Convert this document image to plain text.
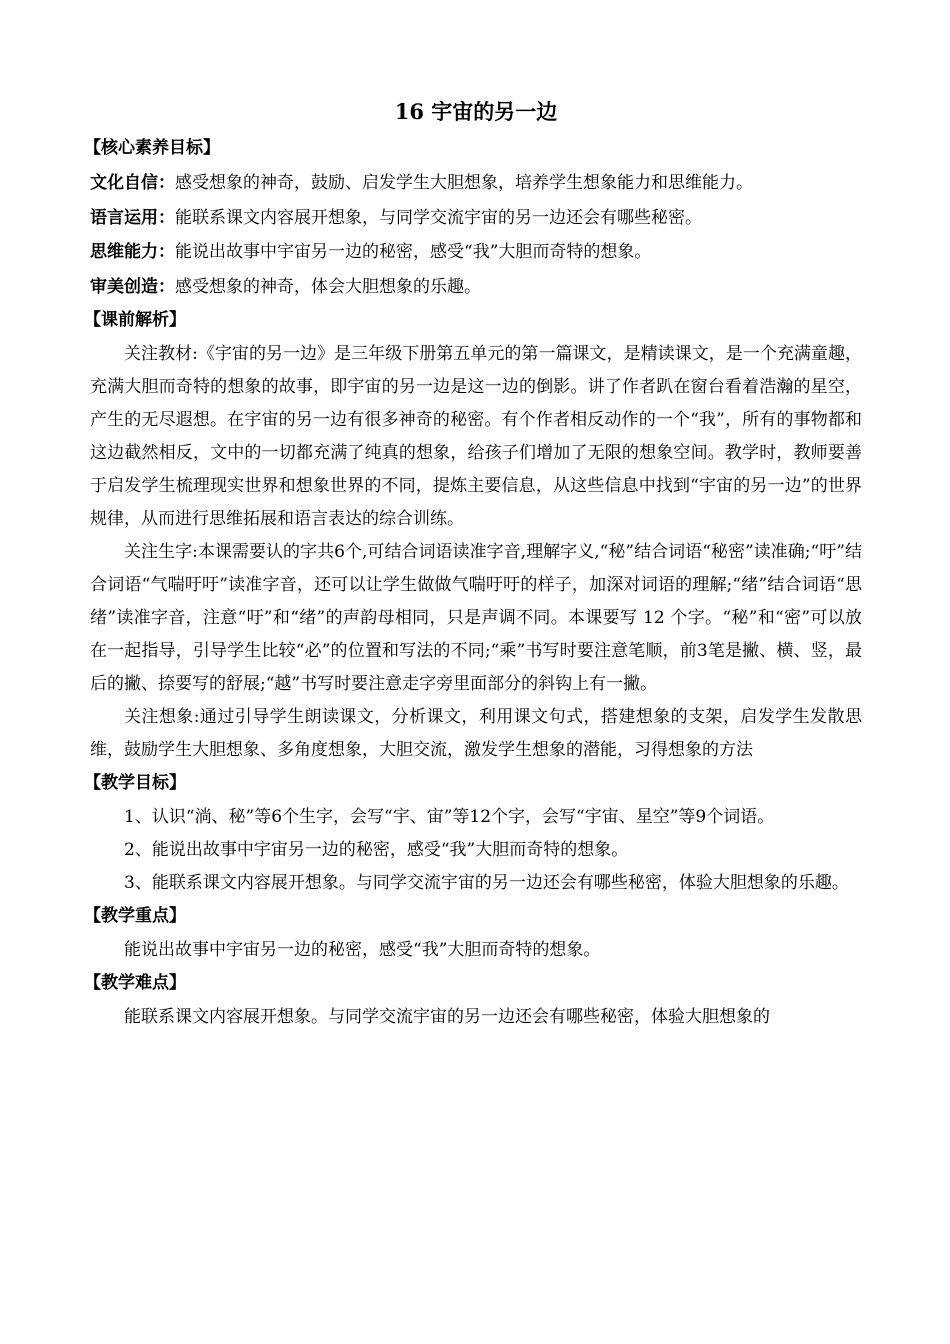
16 宇宙的另一边
【核心素养目标】

文化自信：感受想象的神奇，鼓励、启发学生大胆想象，培养学生想象能力和思维能力。

语言运用：能联系课文内容展开想象，与同学交流宇宙的另一边还会有哪些秘密。

思维能力：能说出故事中宇宙另一边的秘密，感受“我”大胆而奇特的想象。

审美创造：感受想象的神奇，体会大胆想象的乐趣。

【课前解析】

关注教材:《宇宙的另一边》是三年级下册第五单元的第一篇课文，是精读课文，是一个充满童趣，充满大胆而奇特的想象的故事，即宇宙的另一边是这一边的倒影。讲了作者趴在窗台看着浩瀚的星空，产生的无尽遐想。在宇宙的另一边有很多神奇的秘密。有个作者相反动作的一个“我”，所有的事物都和这边截然相反，文中的一切都充满了纯真的想象，给孩子们增加了无限的想象空间。教学时，教师要善于启发学生梳理现实世界和想象世界的不同，提炼主要信息，从这些信息中找到“宇宙的另一边”的世界规律，从而进行思维拓展和语言表达的综合训练。

关注生字:本课需要认的字共6个,可结合词语读准字音,理解字义,“秘”结合词语“秘密”读准确;“吁”结合词语“气喘吁吁”读准字音，还可以让学生做做气喘吁吁的样子，加深对词语的理解;“绪”结合词语“思绪”读准字音，注意“吁”和“绪”的声韵母相同，只是声调不同。本课要写 12 个字。“秘”和“密”可以放在一起指导，引导学生比较“必”的位置和写法的不同;“乘”书写时要注意笔顺，前3笔是撇、横、竖，最后的撇、捺要写的舒展;“越”书写时要注意走字旁里面部分的斜钩上有一撇。

关注想象:通过引导学生朗读课文，分析课文，利用课文句式，搭建想象的支架，启发学生发散思维，鼓励学生大胆想象、多角度想象，大胆交流，激发学生想象的潜能，习得想象的方法

【教学目标】

1、认识“淌、秘”等6个生字，会写“宇、宙”等12个字，会写“宇宙、星空”等9个词语。

2、能说出故事中宇宙另一边的秘密，感受“我”大胆而奇特的想象。

3、能联系课文内容展开想象。与同学交流宇宙的另一边还会有哪些秘密，体验大胆想象的乐趣。

【教学重点】

能说出故事中宇宙另一边的秘密，感受“我”大胆而奇特的想象。

【教学难点】

能联系课文内容展开想象。与同学交流宇宙的另一边还会有哪些秘密，体验大胆想象的
